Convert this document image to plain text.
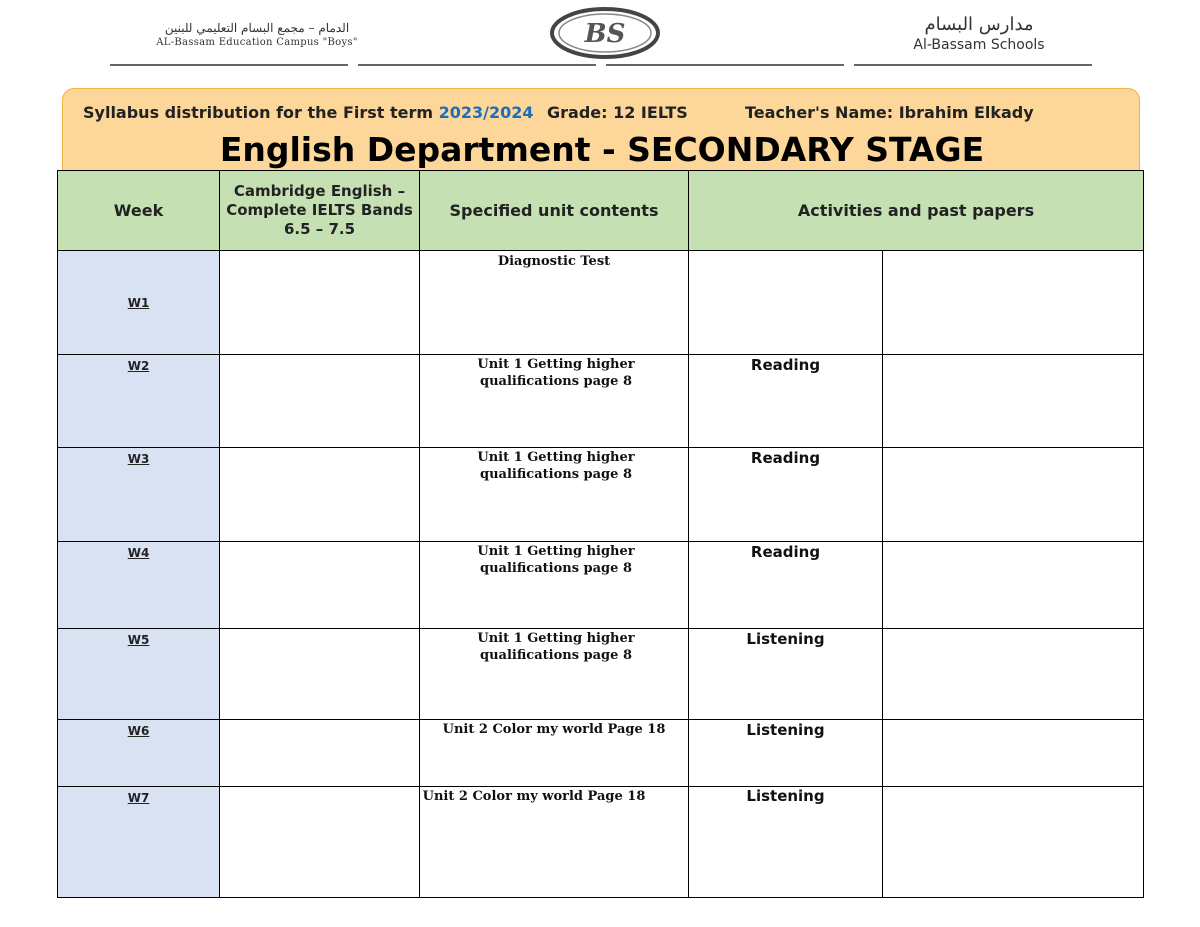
الدمام – مجمع البسام التعليمي للبنين
AL-Bassam Education Campus "Boys"	BS	مدارس البسام
Al-Bassam Schools
Syllabus distribution for the First term 2023/2024 Grade: 12 IELTS	Teacher's Name: Ibrahim Elkady
English Department - SECONDARY STAGE
Week	Cambridge English – Complete IELTS Bands 6.5 – 7.5	Specified unit contents	Activities and past papers	
W1		Diagnostic Test		
W2		Unit 1 Getting higher qualifications page 8	Reading	
W3		Unit 1 Getting higher qualifications page 8	Reading	
W4		Unit 1 Getting higher qualifications page 8	Reading	
W5		Unit 1 Getting higher qualifications page 8	Listening	
W6		Unit 2 Color my world Page 18	Listening	
W7		Unit 2 Color my world Page 18	Listening	
